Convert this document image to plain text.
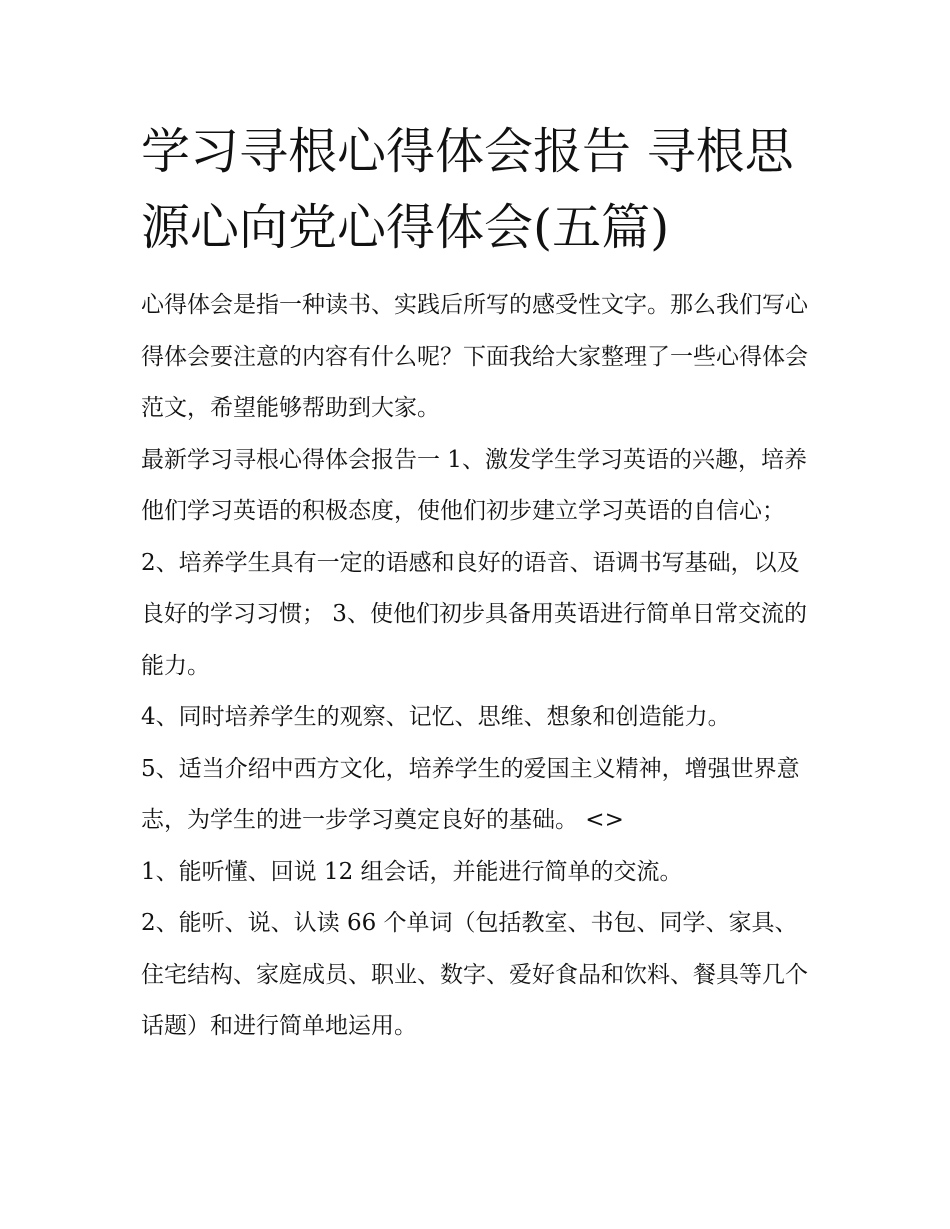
学习寻根心得体会报告 寻根思源心向党心得体会(五篇)

心得体会是指一种读书、实践后所写的感受性文字。那么我们写心得体会要注意的内容有什么呢？下面我给大家整理了一些心得体会范文，希望能够帮助到大家。

最新学习寻根心得体会报告一 1、激发学生学习英语的兴趣，培养他们学习英语的积极态度，使他们初步建立学习英语的自信心；

2、培养学生具有一定的语感和良好的语音、语调书写基础，以及良好的学习习惯； 3、使他们初步具备用英语进行简单日常交流的能力。

4、同时培养学生的观察、记忆、思维、想象和创造能力。

5、适当介绍中西方文化，培养学生的爱国主义精神，增强世界意志，为学生的进一步学习奠定良好的基础。 <>

1、能听懂、回说 12 组会话，并能进行简单的交流。

2、能听、说、认读 66 个单词（包括教室、书包、同学、家具、住宅结构、家庭成员、职业、数字、爱好食品和饮料、餐具等几个话题）和进行简单地运用。
